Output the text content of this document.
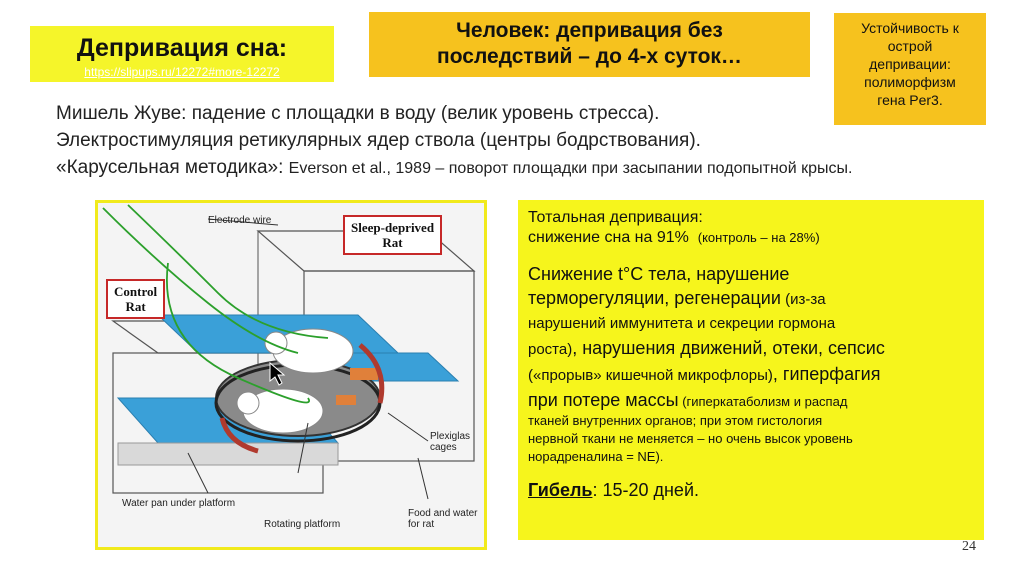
Депривация сна:
https://slipups.ru/12272#more-12272
Человек: депривация без
последствий – до 4-х суток…
Устойчивость к
острой
депривации:
полиморфизм
гена Per3.
Мишель Жуве: падение с площадки в воду (велик уровень стресса).
Электростимуляция ретикулярных ядер ствола (центры бодрствования).
«Карусельная методика»: Everson et al., 1989 – поворот площадки при засыпании подопытной крысы.
Electrode wire	Sleep-deprived
Rat
Control
Rat
Plexiglas
cages
Water pan under platform
Rotating platform
Food and water
for rat
Тотальная депривация:
снижение сна на 91% (контроль – на 28%)
Снижение t°C тела, нарушение
терморегуляции, регенерации (из-за
нарушений иммунитета и секреции гормона
роста), нарушения движений, отеки, сепсис
(«прорыв» кишечной микрофлоры), гиперфагия
при потере массы (гиперкатаболизм и распад
тканей внутренних органов; при этом гистология
нервной ткани не меняется – но очень высок уровень
норадреналина = NE).
Гибель: 15-20 дней.
24
